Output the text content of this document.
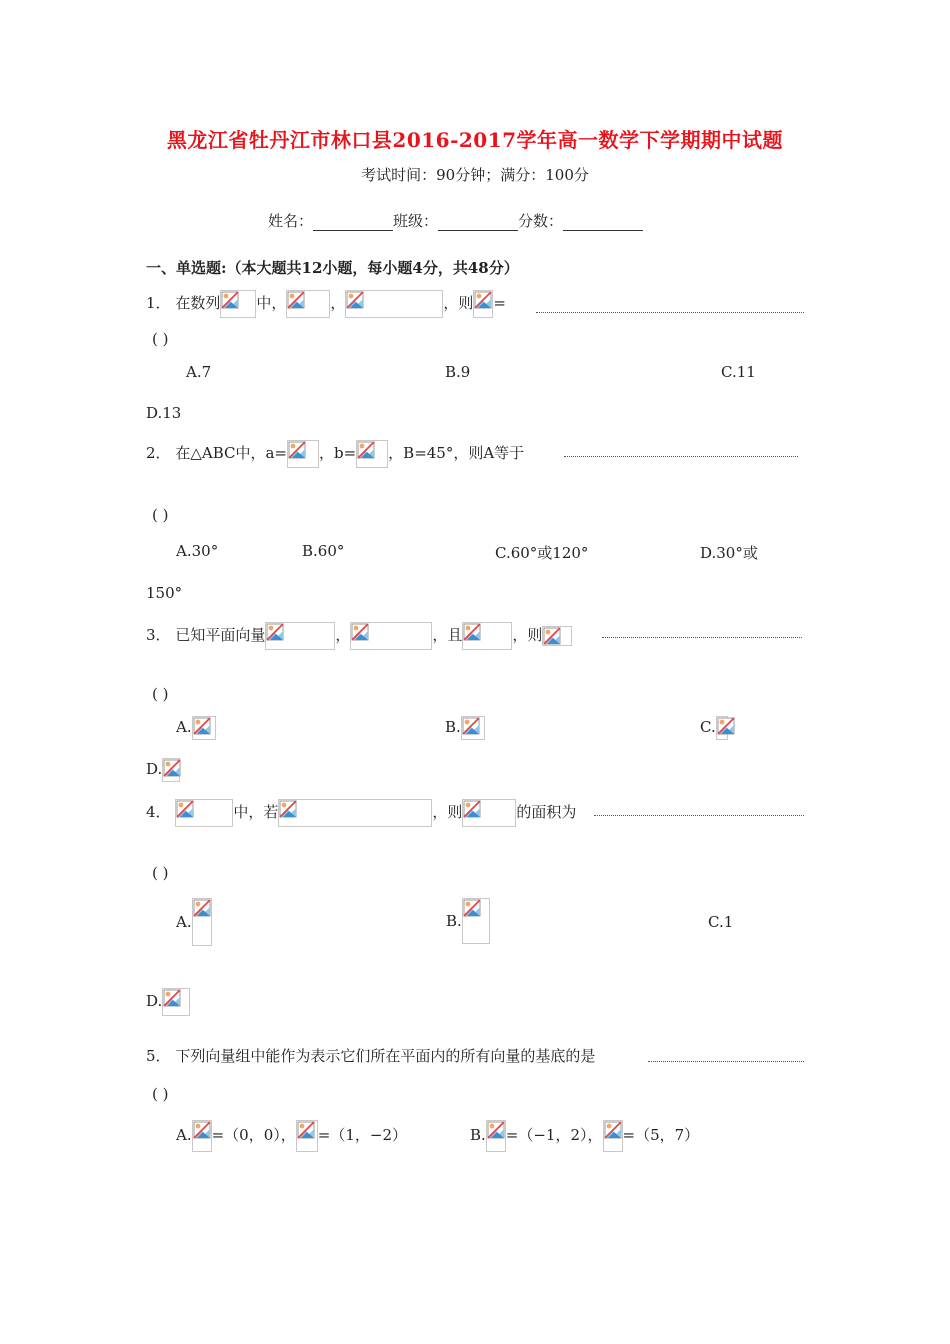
黑龙江省牡丹江市林口县2016-2017学年高一数学下学期期中试题
考试时间：90分钟；满分：100分
姓名：	班级：	分数：
一、单选题:（本大题共12小题，每小题4分，共48分）
1． 在数列 中，	，	，则 =
( )
A.7	B.9	C.11
D.13
2． 在△ABC中，a= ，b= ，B=45°，则A等于
( )
A.30°	B.60°	C.60°或120°	D.30°或
150°
3． 已知平面向量	，	，且	，则
( )
A.	B.	C.
D.
4．	中，若	，则	的面积为
( )
A.	B.	C.1
D.
5． 下列向量组中能作为表示它们所在平面内的所有向量的基底的是
( )
A. =（0，0）， =（1，−2）	B. =（−1，2）， =（5，7）
